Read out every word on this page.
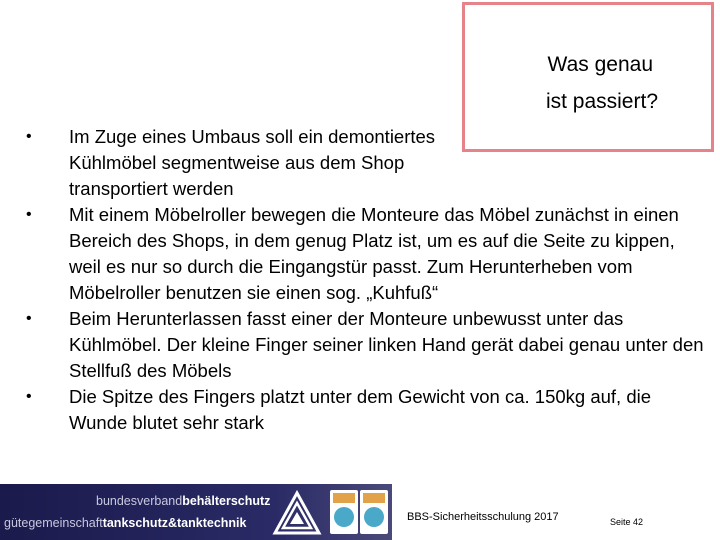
Was genau
ist passiert?
•	Im Zuge eines Umbaus soll ein demontiertes Kühlmöbel segmentweise aus dem Shop transportiert werden
•	Mit einem Möbelroller bewegen die Monteure das Möbel zunächst in einen Bereich des Shops, in dem genug Platz ist, um es auf die Seite zu kippen, weil es nur so durch die Eingangstür passt. Zum Herunterheben vom Möbelroller benutzen sie einen sog. „Kuhfuß“
•	Beim Herunterlassen fasst einer der Monteure unbewusst unter das Kühlmöbel. Der kleine Finger seiner linken Hand gerät dabei genau unter den Stellfuß des Möbels
•	Die Spitze des Fingers platzt unter dem Gewicht von ca. 150kg auf, die Wunde blutet sehr stark
bundesverbandbehälterschutz
gütegemeinschafttankschutz&tanktechnik	BBS-Sicherheitsschulung 2017	Seite 42
